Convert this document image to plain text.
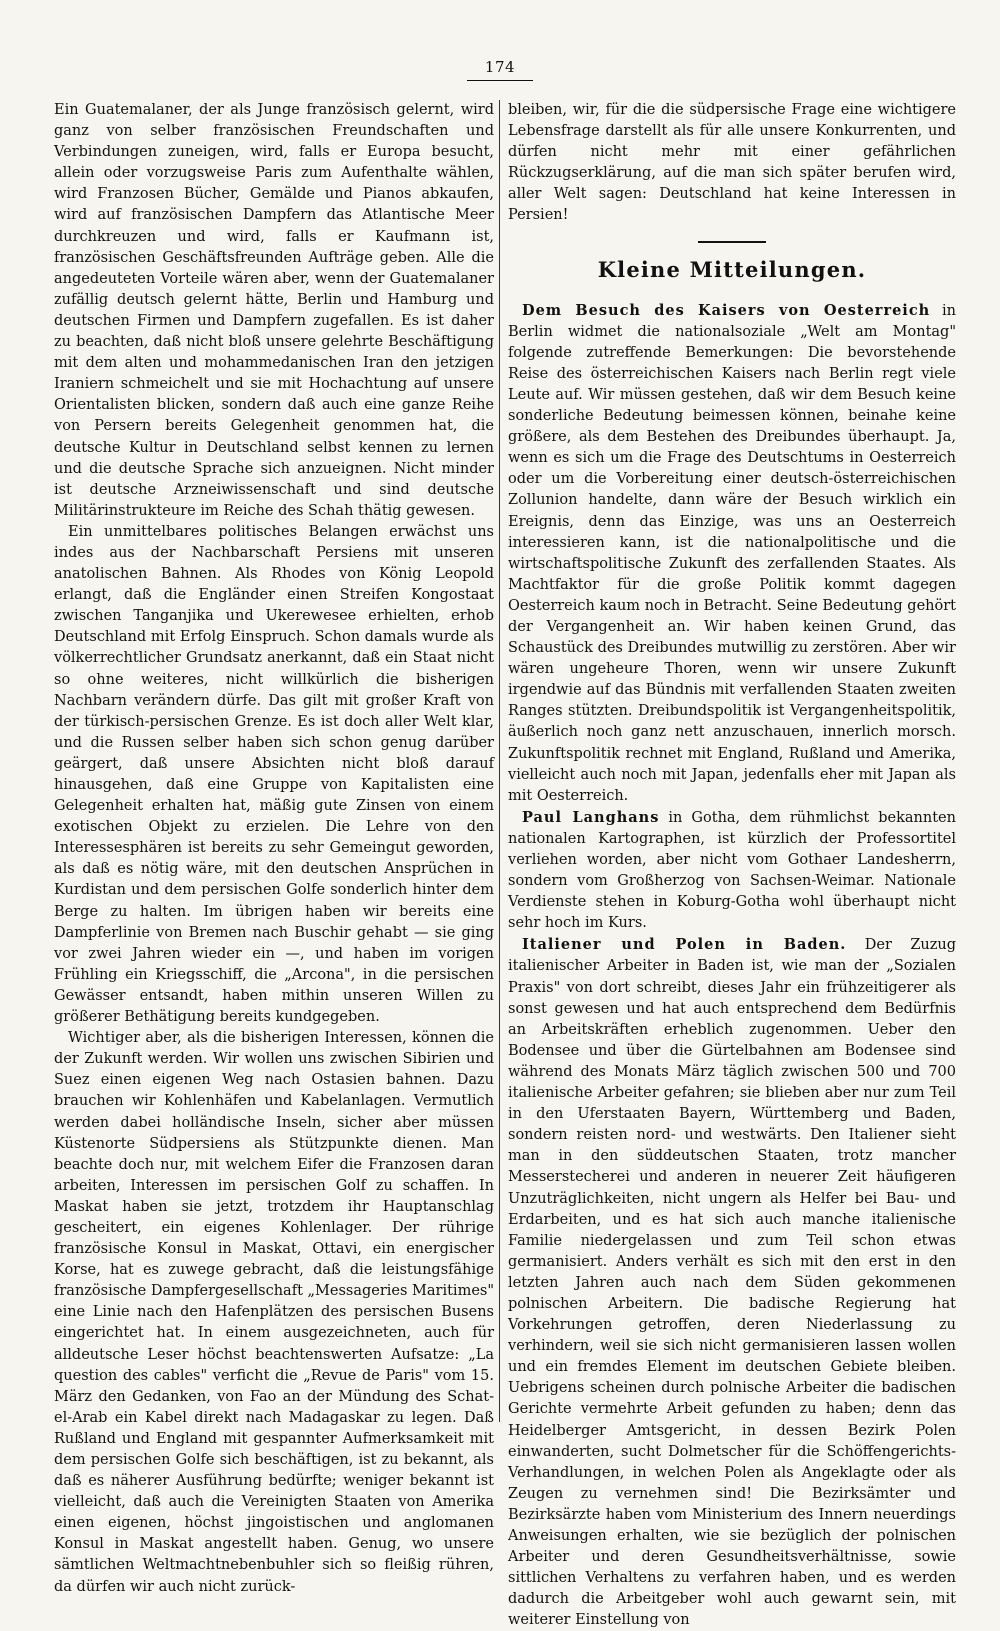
174

Ein Guatemalaner, der als Junge französisch gelernt, wird ganz von selber französischen Freundschaften und Verbindungen zuneigen, wird, falls er Europa besucht, allein oder vorzugsweise Paris zum Aufenthalte wählen, wird Franzosen Bücher, Gemälde und Pianos abkaufen, wird auf französischen Dampfern das Atlantische Meer durchkreuzen und wird, falls er Kaufmann ist, französischen Geschäftsfreunden Aufträge geben. Alle die angedeuteten Vorteile wären aber, wenn der Guatemalaner zufällig deutsch gelernt hätte, Berlin und Hamburg und deutschen Firmen und Dampfern zugefallen. Es ist daher zu beachten, daß nicht bloß unsere gelehrte Beschäftigung mit dem alten und mohammedanischen Iran den jetzigen Iraniern schmeichelt und sie mit Hochachtung auf unsere Orientalisten blicken, sondern daß auch eine ganze Reihe von Persern bereits Gelegenheit genommen hat, die deutsche Kultur in Deutschland selbst kennen zu lernen und die deutsche Sprache sich anzueignen. Nicht minder ist deutsche Arzneiwissenschaft und sind deutsche Militärinstrukteure im Reiche des Schah thätig gewesen.

Ein unmittelbares politisches Belangen erwächst uns indes aus der Nachbarschaft Persiens mit unseren anatolischen Bahnen. Als Rhodes von König Leopold erlangt, daß die Engländer einen Streifen Kongostaat zwischen Tanganjika und Ukerewesee erhielten, erhob Deutschland mit Erfolg Einspruch. Schon damals wurde als völkerrechtlicher Grundsatz anerkannt, daß ein Staat nicht so ohne weiteres, nicht willkürlich die bisherigen Nachbarn verändern dürfe. Das gilt mit großer Kraft von der türkisch-persischen Grenze. Es ist doch aller Welt klar, und die Russen selber haben sich schon genug darüber geärgert, daß unsere Absichten nicht bloß darauf hinausgehen, daß eine Gruppe von Kapitalisten eine Gelegenheit erhalten hat, mäßig gute Zinsen von einem exotischen Objekt zu erzielen. Die Lehre von den Interessesphären ist bereits zu sehr Gemeingut geworden, als daß es nötig wäre, mit den deutschen Ansprüchen in Kurdistan und dem persischen Golfe sonderlich hinter dem Berge zu halten. Im übrigen haben wir bereits eine Dampferlinie von Bremen nach Buschir gehabt — sie ging vor zwei Jahren wieder ein —, und haben im vorigen Frühling ein Kriegsschiff, die „Arcona", in die persischen Gewässer entsandt, haben mithin unseren Willen zu größerer Bethätigung bereits kundgegeben.

Wichtiger aber, als die bisherigen Interessen, können die der Zukunft werden. Wir wollen uns zwischen Sibirien und Suez einen eigenen Weg nach Ostasien bahnen. Dazu brauchen wir Kohlenhäfen und Kabelanlagen. Vermutlich werden dabei holländische Inseln, sicher aber müssen Küstenorte Südpersiens als Stützpunkte dienen. Man beachte doch nur, mit welchem Eifer die Franzosen daran arbeiten, Interessen im persischen Golf zu schaffen. In Maskat haben sie jetzt, trotzdem ihr Hauptanschlag gescheitert, ein eigenes Kohlenlager. Der rührige französische Konsul in Maskat, Ottavi, ein energischer Korse, hat es zuwege gebracht, daß die leistungsfähige französische Dampfergesellschaft „Messageries Maritimes" eine Linie nach den Hafenplätzen des persischen Busens eingerichtet hat. In einem ausgezeichneten, auch für alldeutsche Leser höchst beachtenswerten Aufsatze: „La question des cables" verficht die „Revue de Paris" vom 15. März den Gedanken, von Fao an der Mündung des Schat-el-Arab ein Kabel direkt nach Madagaskar zu legen. Daß Rußland und England mit gespannter Aufmerksamkeit mit dem persischen Golfe sich beschäftigen, ist zu bekannt, als daß es näherer Ausführung bedürfte; weniger bekannt ist vielleicht, daß auch die Vereinigten Staaten von Amerika einen eigenen, höchst jingoistischen und anglomanen Konsul in Maskat angestellt haben. Genug, wo unsere sämtlichen Weltmachtnebenbuhler sich so fleißig rühren, da dürfen wir auch nicht zurück-

bleiben, wir, für die die südpersische Frage eine wichtigere Lebensfrage darstellt als für alle unsere Konkurrenten, und dürfen nicht mehr mit einer gefährlichen Rückzugserklärung, auf die man sich später berufen wird, aller Welt sagen: Deutschland hat keine Interessen in Persien!

Kleine Mitteilungen.

Dem Besuch des Kaisers von Oesterreich in Berlin widmet die nationalsoziale „Welt am Montag" folgende zutreffende Bemerkungen: Die bevorstehende Reise des österreichischen Kaisers nach Berlin regt viele Leute auf. Wir müssen gestehen, daß wir dem Besuch keine sonderliche Bedeutung beimessen können, beinahe keine größere, als dem Bestehen des Dreibundes überhaupt. Ja, wenn es sich um die Frage des Deutschtums in Oesterreich oder um die Vorbereitung einer deutsch-österreichischen Zollunion handelte, dann wäre der Besuch wirklich ein Ereignis, denn das Einzige, was uns an Oesterreich interessieren kann, ist die nationalpolitische und die wirtschaftspolitische Zukunft des zerfallenden Staates. Als Machtfaktor für die große Politik kommt dagegen Oesterreich kaum noch in Betracht. Seine Bedeutung gehört der Vergangenheit an. Wir haben keinen Grund, das Schaustück des Dreibundes mutwillig zu zerstören. Aber wir wären ungeheure Thoren, wenn wir unsere Zukunft irgendwie auf das Bündnis mit verfallenden Staaten zweiten Ranges stützten. Dreibundspolitik ist Vergangenheitspolitik, äußerlich noch ganz nett anzuschauen, innerlich morsch. Zukunftspolitik rechnet mit England, Rußland und Amerika, vielleicht auch noch mit Japan, jedenfalls eher mit Japan als mit Oesterreich.

Paul Langhans in Gotha, dem rühmlichst bekannten nationalen Kartographen, ist kürzlich der Professortitel verliehen worden, aber nicht vom Gothaer Landesherrn, sondern vom Großherzog von Sachsen-Weimar. Nationale Verdienste stehen in Koburg-Gotha wohl überhaupt nicht sehr hoch im Kurs.

Italiener und Polen in Baden. Der Zuzug italienischer Arbeiter in Baden ist, wie man der „Sozialen Praxis" von dort schreibt, dieses Jahr ein frühzeitigerer als sonst gewesen und hat auch entsprechend dem Bedürfnis an Arbeitskräften erheblich zugenommen. Ueber den Bodensee und über die Gürtelbahnen am Bodensee sind während des Monats März täglich zwischen 500 und 700 italienische Arbeiter gefahren; sie blieben aber nur zum Teil in den Uferstaaten Bayern, Württemberg und Baden, sondern reisten nord- und westwärts. Den Italiener sieht man in den süddeutschen Staaten, trotz mancher Messerstecherei und anderen in neuerer Zeit häufigeren Unzuträglichkeiten, nicht ungern als Helfer bei Bau- und Erdarbeiten, und es hat sich auch manche italienische Familie niedergelassen und zum Teil schon etwas germanisiert. Anders verhält es sich mit den erst in den letzten Jahren auch nach dem Süden gekommenen polnischen Arbeitern. Die badische Regierung hat Vorkehrungen getroffen, deren Niederlassung zu verhindern, weil sie sich nicht germanisieren lassen wollen und ein fremdes Element im deutschen Gebiete bleiben. Uebrigens scheinen durch polnische Arbeiter die badischen Gerichte vermehrte Arbeit gefunden zu haben; denn das Heidelberger Amtsgericht, in dessen Bezirk Polen einwanderten, sucht Dolmetscher für die Schöffengerichts-Verhandlungen, in welchen Polen als Angeklagte oder als Zeugen zu vernehmen sind! Die Bezirksämter und Bezirksärzte haben vom Ministerium des Innern neuerdings Anweisungen erhalten, wie sie bezüglich der polnischen Arbeiter und deren Gesundheitsverhältnisse, sowie sittlichen Verhaltens zu verfahren haben, und es werden dadurch die Arbeitgeber wohl auch gewarnt sein, mit weiterer Einstellung von
